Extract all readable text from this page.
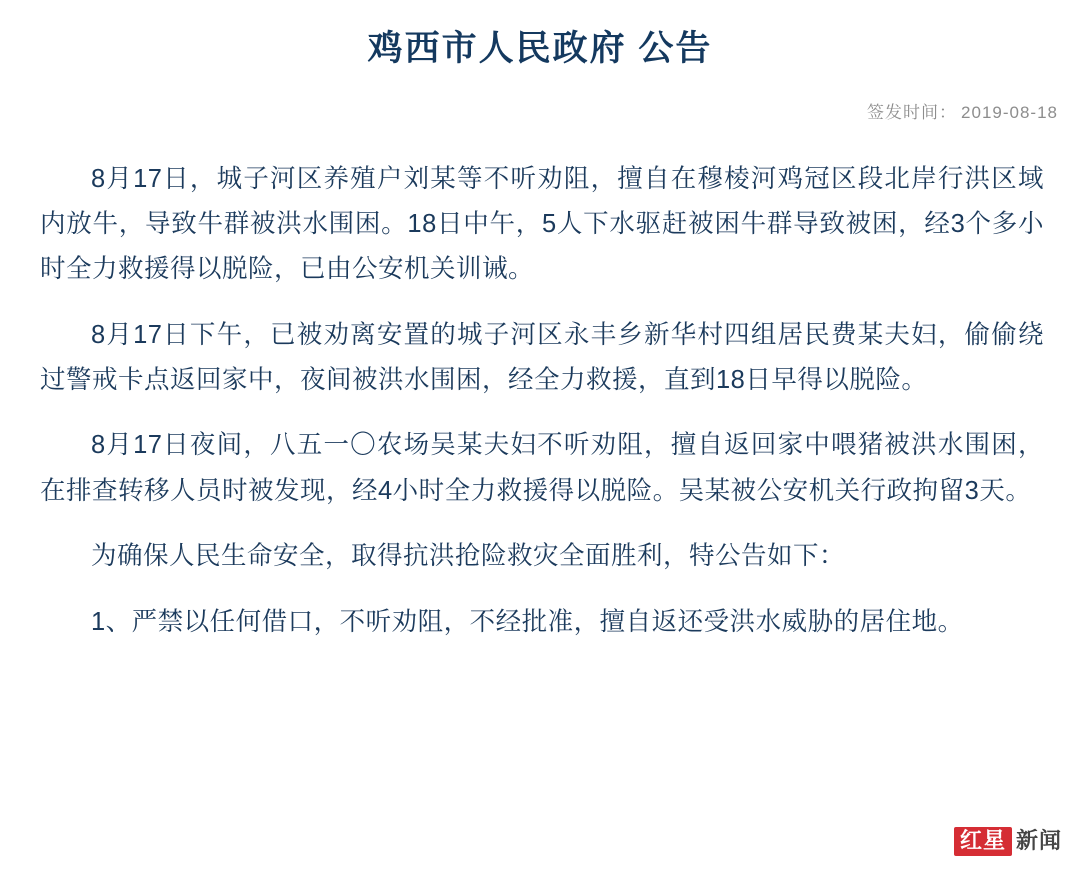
鸡西市人民政府 公告
签发时间： 2019-08-18

8月17日，城子河区养殖户刘某等不听劝阻，擅自在穆棱河鸡冠区段北岸行洪区域内放牛，导致牛群被洪水围困。18日中午，5人下水驱赶被困牛群导致被困，经3个多小时全力救援得以脱险，已由公安机关训诫。

8月17日下午，已被劝离安置的城子河区永丰乡新华村四组居民费某夫妇，偷偷绕过警戒卡点返回家中，夜间被洪水围困，经全力救援，直到18日早得以脱险。

8月17日夜间，八五一〇农场吴某夫妇不听劝阻，擅自返回家中喂猪被洪水围困，在排查转移人员时被发现，经4小时全力救援得以脱险。吴某被公安机关行政拘留3天。

为确保人民生命安全，取得抗洪抢险救灾全面胜利，特公告如下：

1、严禁以任何借口，不听劝阻，不经批准，擅自返还受洪水威胁的居住地。

红星 新闻
